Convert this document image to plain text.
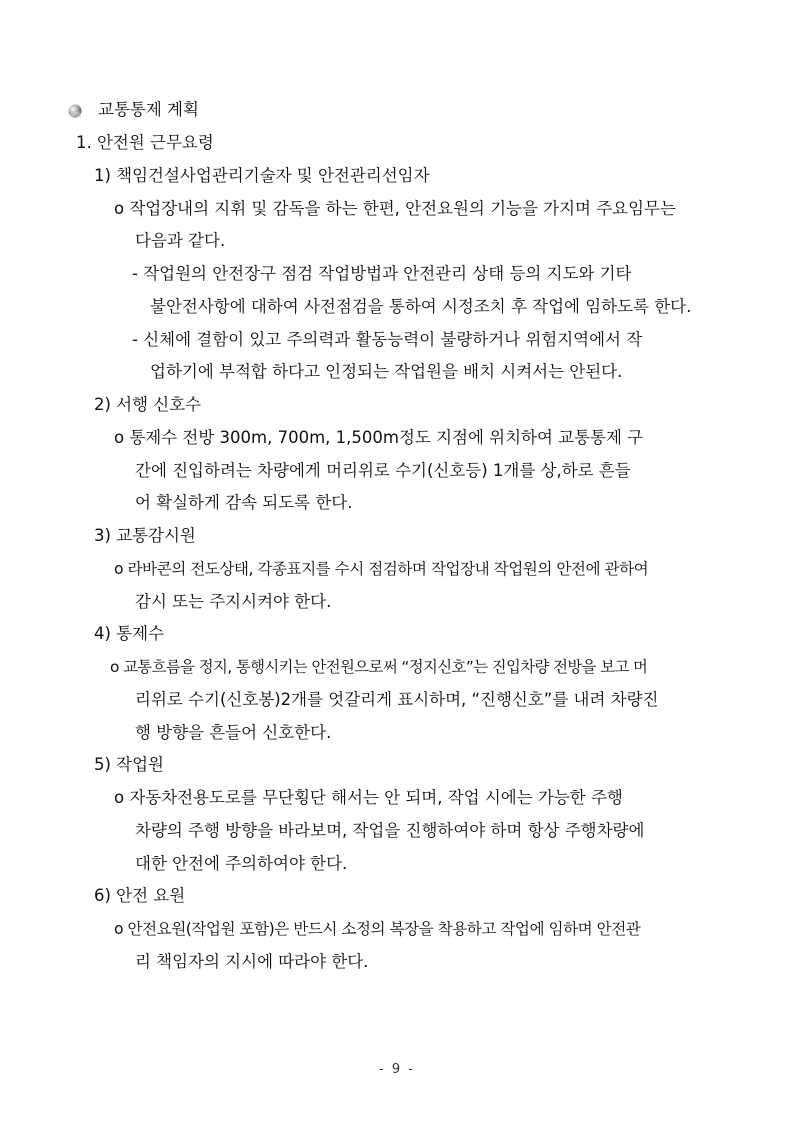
교통통제 계획
1. 안전원 근무요령
1) 책임건설사업관리기술자 및 안전관리선임자
o 작업장내의 지휘 및 감독을 하는 한편, 안전요원의 기능을 가지며 주요임무는
다음과 같다.
- 작업원의 안전장구 점검 작업방법과 안전관리 상태 등의 지도와 기타
불안전사항에 대하여 사전점검을 통하여 시정조치 후 작업에 임하도록 한다.
- 신체에 결함이 있고 주의력과 활동능력이 불량하거나 위험지역에서 작
업하기에 부적합 하다고 인정되는 작업원을 배치 시켜서는 안된다.
2) 서행 신호수
o 통제수 전방 300m, 700m, 1,500m정도 지점에 위치하여 교통통제 구
간에 진입하려는 차량에게 머리위로 수기(신호등) 1개를 상,하로 흔들
어 확실하게 감속 되도록 한다.
3) 교통감시원
o 라바콘의 전도상태, 각종표지를 수시 점검하며 작업장내 작업원의 안전에 관하여
감시 또는 주지시켜야 한다.
4) 통제수
o 교통흐름을 정지, 통행시키는 안전원으로써 “정지신호”는 진입차량 전방을 보고 머
리위로 수기(신호봉)2개를 엇갈리게 표시하며, “진행신호”를 내려 차량진
행 방향을 흔들어 신호한다.
5) 작업원
o 자동차전용도로를 무단횡단 해서는 안 되며, 작업 시에는 가능한 주행
차량의 주행 방향을 바라보며, 작업을 진행하여야 하며 항상 주행차량에
대한 안전에 주의하여야 한다.
6) 안전 요원
o 안전요원(작업원 포함)은 반드시 소정의 복장을 착용하고 작업에 임하며 안전관
리 책임자의 지시에 따라야 한다.
- 9 -
